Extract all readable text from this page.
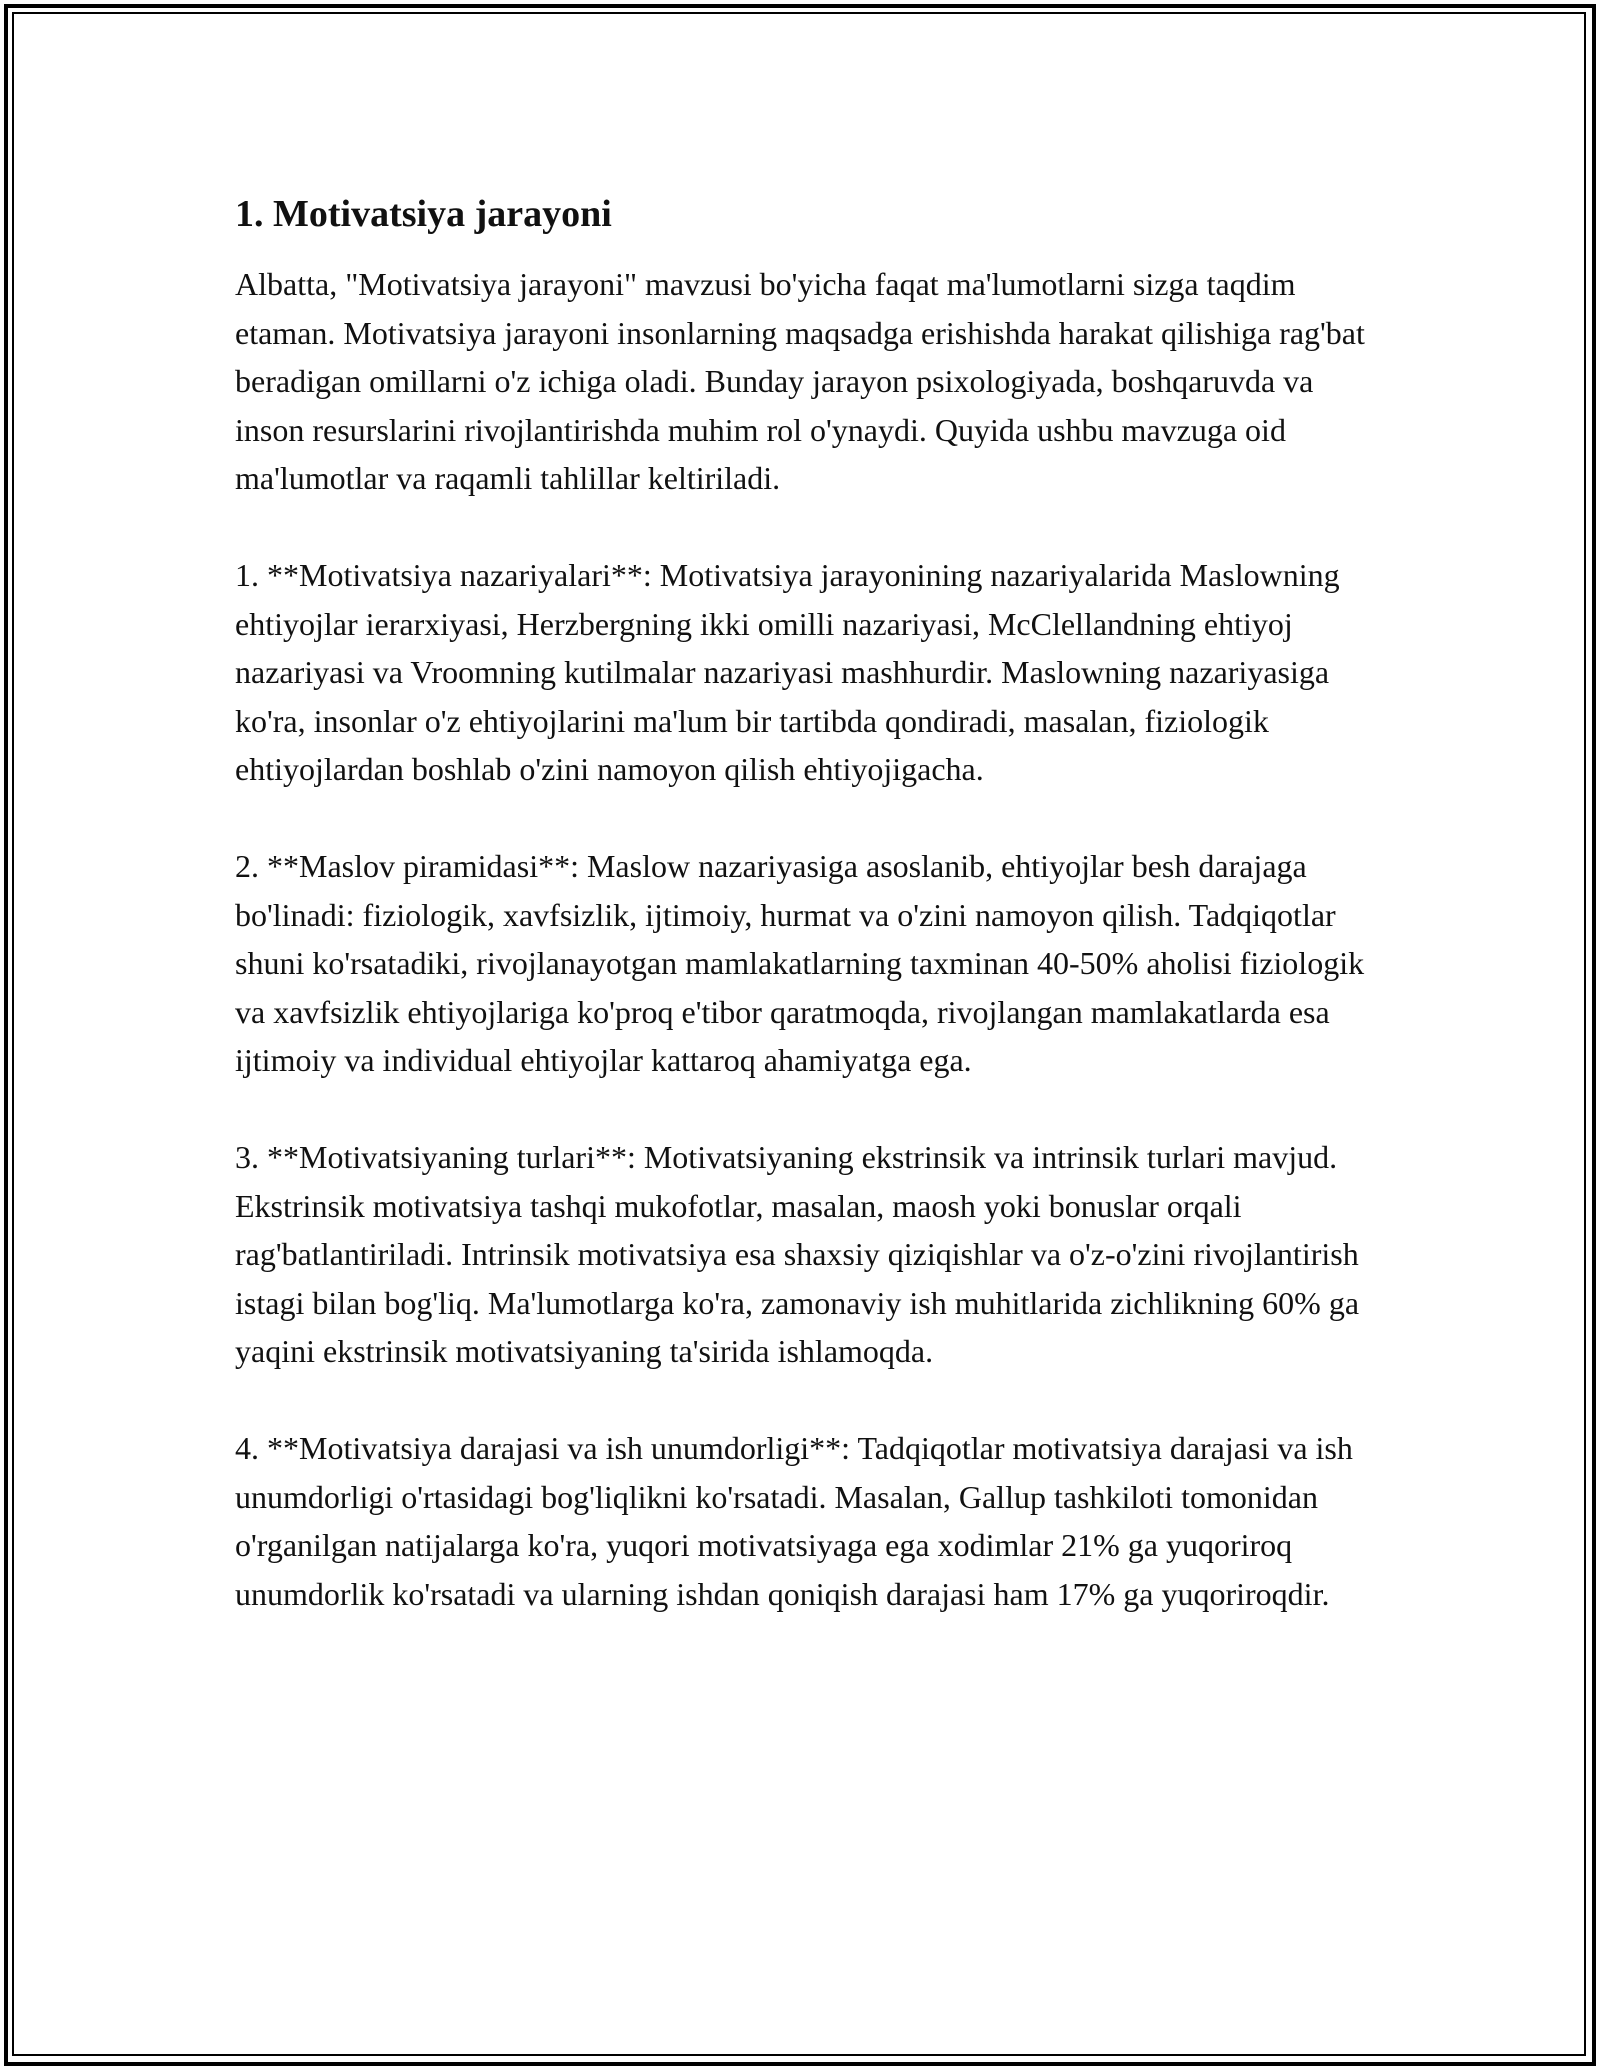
1. Motivatsiya jarayoni

Albatta, "Motivatsiya jarayoni" mavzusi bo'yicha faqat ma'lumotlarni sizga taqdim etaman. Motivatsiya jarayoni insonlarning maqsadga erishishda harakat qilishiga rag'bat beradigan omillarni o'z ichiga oladi. Bunday jarayon psixologiyada, boshqaruvda va inson resurslarini rivojlantirishda muhim rol o'ynaydi. Quyida ushbu mavzuga oid ma'lumotlar va raqamli tahlillar keltiriladi.

1. **Motivatsiya nazariyalari**: Motivatsiya jarayonining nazariyalarida Maslowning ehtiyojlar ierarxiyasi, Herzbergning ikki omilli nazariyasi, McClellandning ehtiyoj nazariyasi va Vroomning kutilmalar nazariyasi mashhurdir. Maslowning nazariyasiga ko'ra, insonlar o'z ehtiyojlarini ma'lum bir tartibda qondiradi, masalan, fiziologik ehtiyojlardan boshlab o'zini namoyon qilish ehtiyojigacha.

2. **Maslov piramidasi**: Maslow nazariyasiga asoslanib, ehtiyojlar besh darajaga bo'linadi: fiziologik, xavfsizlik, ijtimoiy, hurmat va o'zini namoyon qilish. Tadqiqotlar shuni ko'rsatadiki, rivojlanayotgan mamlakatlarning taxminan 40-50% aholisi fiziologik va xavfsizlik ehtiyojlariga ko'proq e'tibor qaratmoqda, rivojlangan mamlakatlarda esa ijtimoiy va individual ehtiyojlar kattaroq ahamiyatga ega.

3. **Motivatsiyaning turlari**: Motivatsiyaning ekstrinsik va intrinsik turlari mavjud. Ekstrinsik motivatsiya tashqi mukofotlar, masalan, maosh yoki bonuslar orqali rag'batlantiriladi. Intrinsik motivatsiya esa shaxsiy qiziqishlar va o'z-o'zini rivojlantirish istagi bilan bog'liq. Ma'lumotlarga ko'ra, zamonaviy ish muhitlarida zichlikning 60% ga yaqini ekstrinsik motivatsiyaning ta'sirida ishlamoqda.

4. **Motivatsiya darajasi va ish unumdorligi**: Tadqiqotlar motivatsiya darajasi va ish unumdorligi o'rtasidagi bog'liqlikni ko'rsatadi. Masalan, Gallup tashkiloti tomonidan o'rganilgan natijalarga ko'ra, yuqori motivatsiyaga ega xodimlar 21% ga yuqoriroq unumdorlik ko'rsatadi va ularning ishdan qoniqish darajasi ham 17% ga yuqoriroqdir.
